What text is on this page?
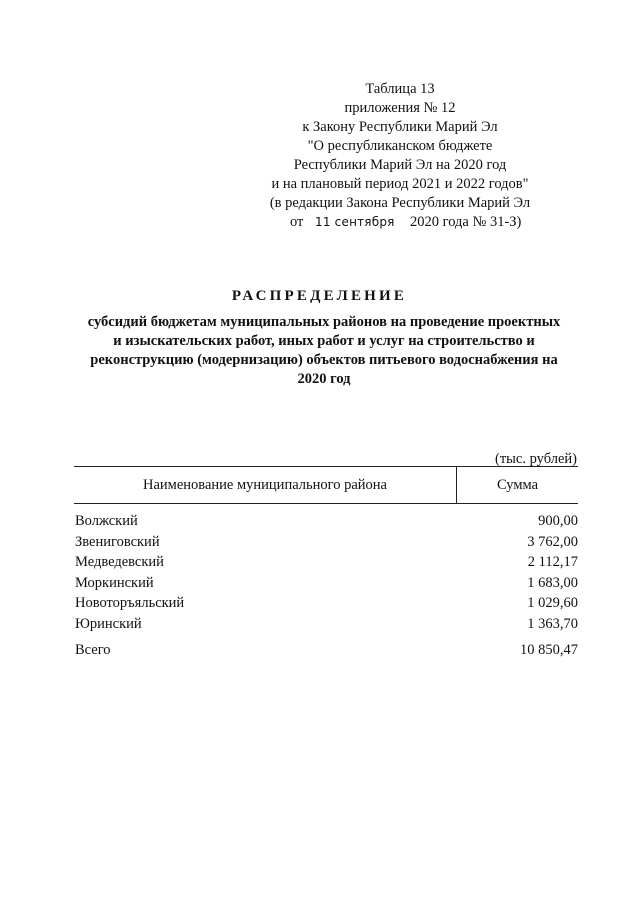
Таблица 13
приложения № 12
к Закону Республики Марий Эл
"О республиканском бюджете
Республики Марий Эл на 2020 год
и на плановый период 2021 и 2022 годов"
(в редакции Закона Республики Марий Эл
от 11 сентября 2020 года № 31-З)
РАСПРЕДЕЛЕНИЕ
субсидий бюджетам муниципальных районов на проведение проектных
и изыскательских работ, иных работ и услуг на строительство и
реконструкцию (модернизацию) объектов питьевого водоснабжения на
2020 год
(тыс. рублей)
Наименование муниципального района	Сумма
Волжский	900,00
Звениговский	3 762,00
Медведевский	2 112,17
Моркинский	1 683,00
Новоторъяльский	1 029,60
Юринский	1 363,70
Всего	10 850,47
